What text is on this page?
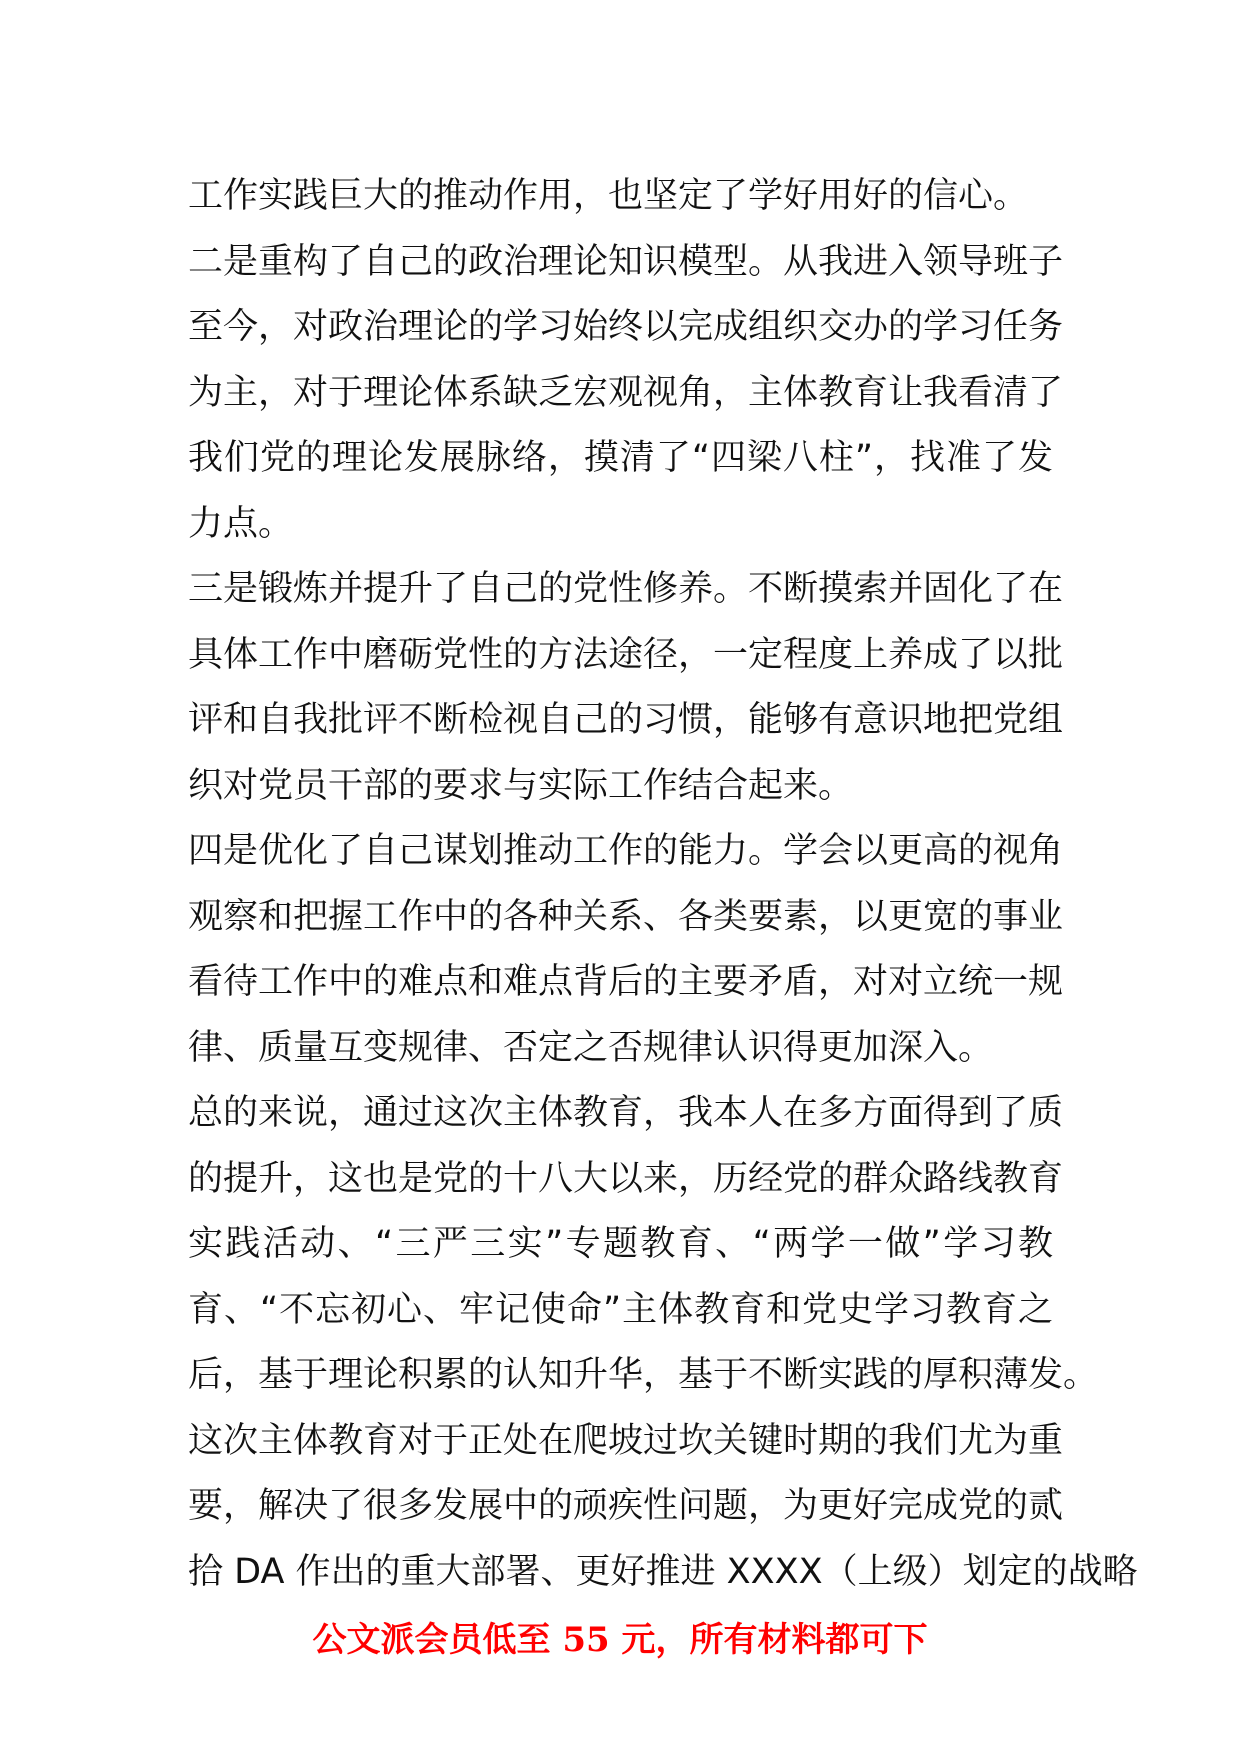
工作实践巨大的推动作用，也坚定了学好用好的信心。
二是重构了自己的政治理论知识模型。从我进入领导班子
至今，对政治理论的学习始终以完成组织交办的学习任务
为主，对于理论体系缺乏宏观视角，主体教育让我看清了
我们党的理论发展脉络，摸清了“四梁八柱”，找准了发
力点。
三是锻炼并提升了自己的党性修养。不断摸索并固化了在
具体工作中磨砺党性的方法途径，一定程度上养成了以批
评和自我批评不断检视自己的习惯，能够有意识地把党组
织对党员干部的要求与实际工作结合起来。
四是优化了自己谋划推动工作的能力。学会以更高的视角
观察和把握工作中的各种关系、各类要素，以更宽的事业
看待工作中的难点和难点背后的主要矛盾，对对立统一规
律、质量互变规律、否定之否规律认识得更加深入。
总的来说，通过这次主体教育，我本人在多方面得到了质
的提升，这也是党的十八大以来，历经党的群众路线教育
实践活动、“三严三实”专题教育、“两学一做”学习教
育、“不忘初心、牢记使命”主体教育和党史学习教育之
后，基于理论积累的认知升华，基于不断实践的厚积薄发。
这次主体教育对于正处在爬坡过坎关键时期的我们尤为重
要，解决了很多发展中的顽疾性问题，为更好完成党的贰
拾 DA 作出的重大部署、更好推进 XXXX（上级）划定的战略
公文派会员低至 55 元，所有材料都可下
